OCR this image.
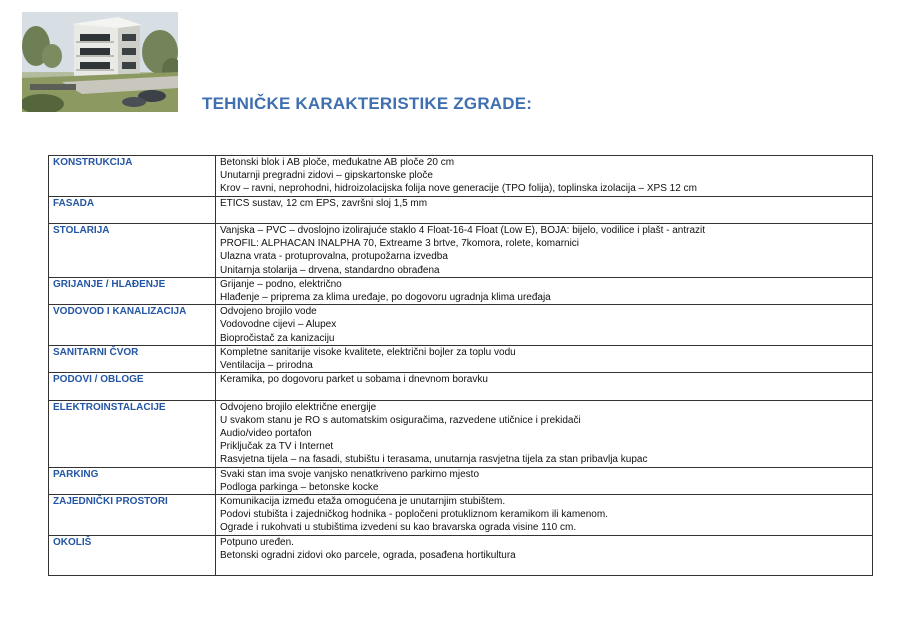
TEHNIČKE KARAKTERISTIKE ZGRADE:
KONSTRUKCIJA	Betonski blok i AB ploče, međukatne AB ploče 20 cm
Unutarnji pregradni zidovi – gipskartonske ploče
Krov – ravni, neprohodni, hidroizolacijska folija nove generacije (TPO folija), toplinska izolacija – XPS 12 cm

FASADA	ETICS sustav, 12 cm EPS, završni sloj 1,5 mm

STOLARIJA	Vanjska – PVC – dvoslojno izolirajuće staklo 4 Float-16-4 Float (Low E), BOJA: bijelo, vodilice i plašt - antrazit
PROFIL: ALPHACAN INALPHA 70, Extreame 3 brtve, 7komora, rolete, komarnici
Ulazna vrata - protuprovalna, protupožarna izvedba
Unitarnja stolarija – drvena, standardno obrađena

GRIJANJE / HLAĐENJE	Grijanje – podno, električno
Hlađenje – priprema za klima uređaje, po dogovoru ugradnja klima uređaja

VODOVOD I KANALIZACIJA	Odvojeno brojilo vode
Vodovodne cijevi – Alupex
Biopročistač za kanizaciju

SANITARNI ČVOR	Kompletne sanitarije visoke kvalitete, električni bojler za toplu vodu
Ventilacija – prirodna

PODOVI / OBLOGE	Keramika, po dogovoru parket u sobama i dnevnom boravku

ELEKTROINSTALACIJE	Odvojeno brojilo električne energije
U svakom stanu je RO s automatskim osiguračima, razvedene utičnice i prekidači
Audio/video portafon
Priključak za TV i Internet
Rasvjetna tijela – na fasadi, stubištu i terasama, unutarnja rasvjetna tijela za stan pribavlja kupac

PARKING	Svaki stan ima svoje vanjsko nenatkriveno parkirno mjesto
Podloga parkinga – betonske kocke

ZAJEDNIČKI PROSTORI	Komunikacija između etaža omogućena je unutarnjim stubištem.
Podovi stubišta i zajedničkog hodnika - popločeni protukliznom keramikom ili kamenom.
Ograde i rukohvati u stubištima izvedeni su kao bravarska ograda visine 110 cm.

OKOLIŠ	Potpuno uređen.
Betonski ogradni zidovi oko parcele, ograda, posađena hortikultura
